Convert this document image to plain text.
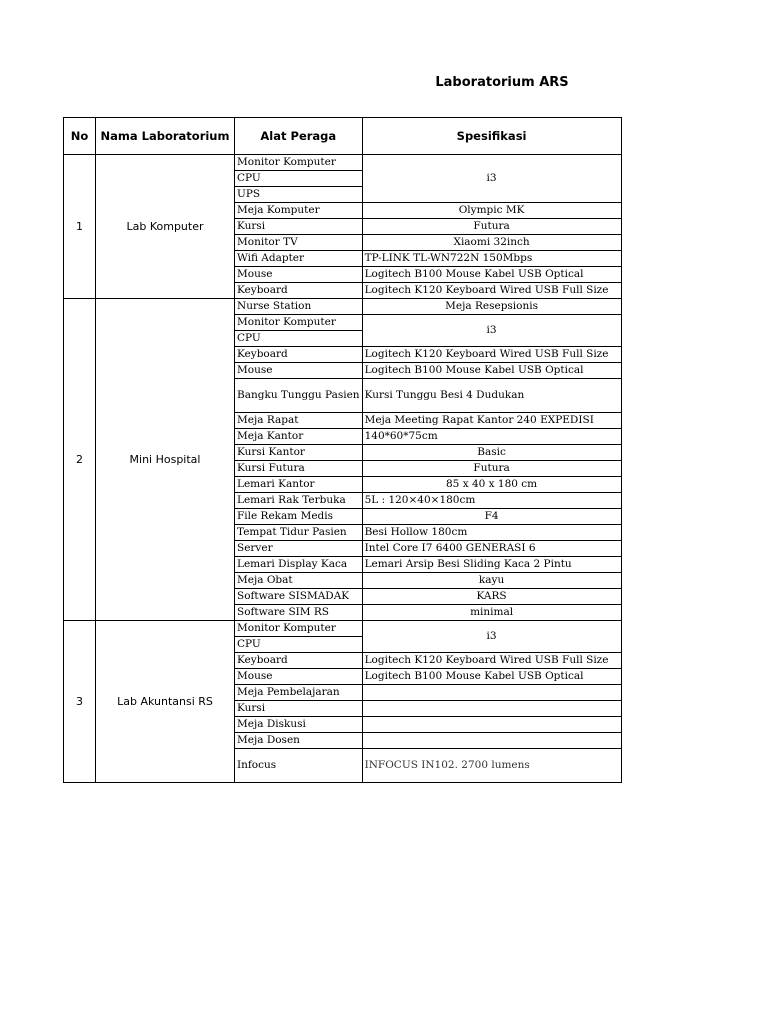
Laboratorium ARS
No	Nama Laboratorium	Alat Peraga	Spesifikasi
1	Lab Komputer	Monitor Komputer	i3
		CPU	
		UPS	
		Meja Komputer	Olympic MK
		Kursi	Futura
		Monitor TV	Xiaomi 32inch
		Wifi Adapter	TP-LINK TL-WN722N 150Mbps
		Mouse	Logitech B100 Mouse Kabel USB Optical
		Keyboard	Logitech K120 Keyboard Wired USB Full Size
2	Mini Hospital	Nurse Station	Meja Resepsionis
		Monitor Komputer	i3
		CPU	
		Keyboard	Logitech K120 Keyboard Wired USB Full Size
		Mouse	Logitech B100 Mouse Kabel USB Optical
		Bangku Tunggu Pasien	Kursi Tunggu Besi 4 Dudukan
		Meja Rapat	Meja Meeting Rapat Kantor 240 EXPEDISI
		Meja Kantor	140*60*75cm
		Kursi Kantor	Basic
		Kursi Futura	Futura
		Lemari Kantor	85 x 40 x 180 cm
		Lemari Rak Terbuka	5L : 120×40×180cm
		File Rekam Medis	F4
		Tempat Tidur Pasien	Besi Hollow 180cm
		Server	Intel Core I7 6400 GENERASI 6
		Lemari Display Kaca	Lemari Arsip Besi Sliding Kaca 2 Pintu
		Meja Obat	kayu
		Software SISMADAK	KARS
		Software SIM RS	minimal
3	Lab Akuntansi RS	Monitor Komputer	i3
		CPU	
		Keyboard	Logitech K120 Keyboard Wired USB Full Size
		Mouse	Logitech B100 Mouse Kabel USB Optical
		Meja Pembelajaran	
		Kursi	
		Meja Diskusi	
		Meja Dosen	
		Infocus	INFOCUS IN102. 2700 lumens
